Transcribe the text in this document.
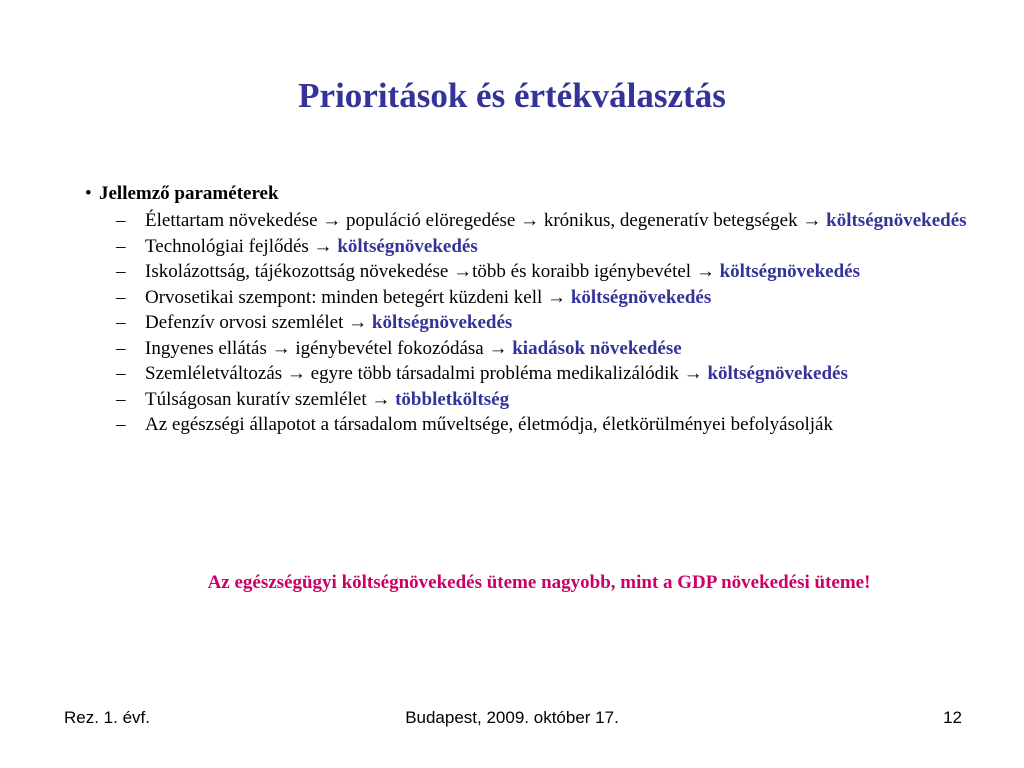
Prioritások és értékválasztás
• Jellemző paraméterek
– Élettartam növekedése → populáció elöregedése → krónikus, degeneratív betegségek → költségnövekedés
– Technológiai fejlődés → költségnövekedés
– Iskolázottság, tájékozottság növekedése →több és koraibb igénybevétel → költségnövekedés
– Orvosetikai szempont: minden betegért küzdeni kell → költségnövekedés
– Defenzív orvosi szemlélet → költségnövekedés
– Ingyenes ellátás → igénybevétel fokozódása → kiadások növekedése
– Szemléletváltozás → egyre több társadalmi probléma medikalizálódik → költségnövekedés
– Túlságosan kuratív szemlélet → többletköltség
– Az egészségi állapotot a társadalom műveltsége, életmódja, életkörülményei befolyásolják
Az egészségügyi költségnövekedés üteme nagyobb, mint a GDP növekedési üteme!
Rez. 1. évf.	Budapest, 2009. október 17.	12
